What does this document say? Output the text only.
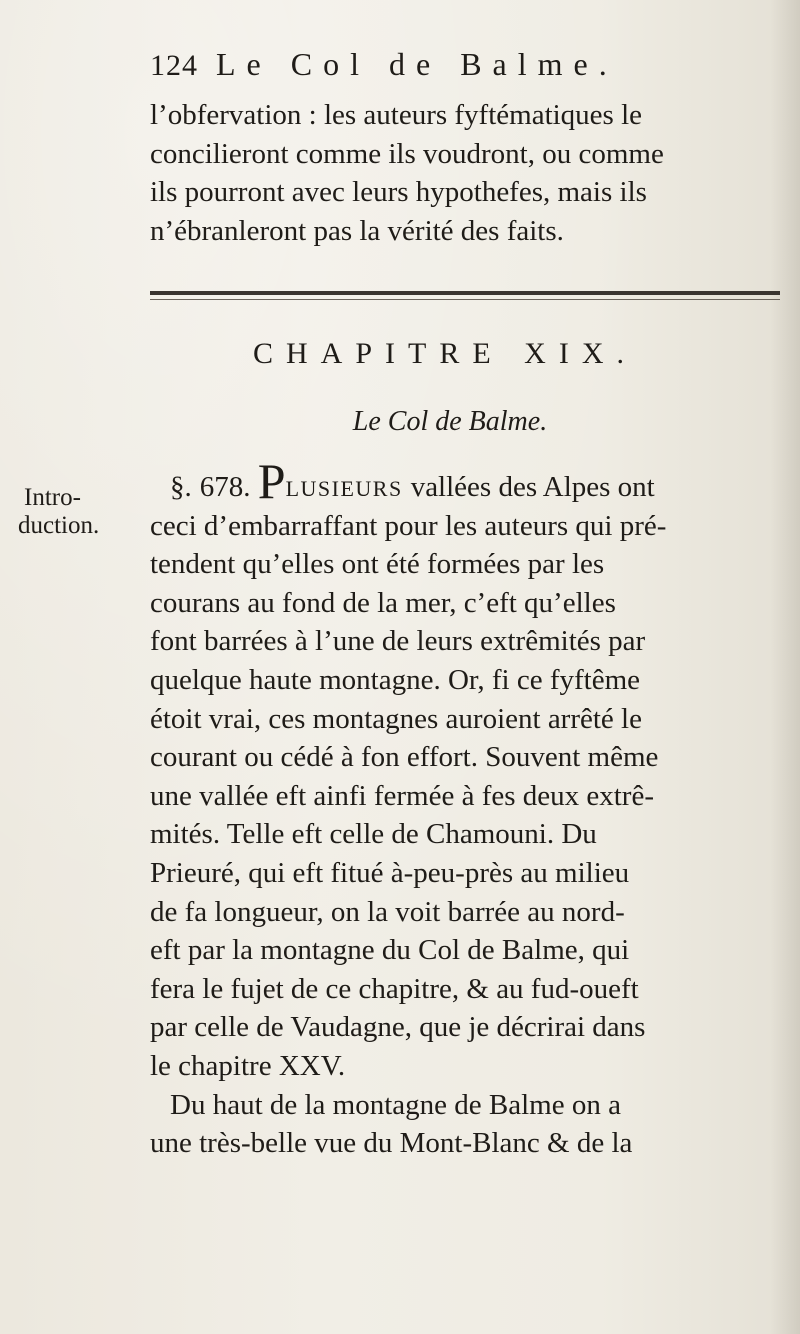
124 Le Col de Balme.
l’obfervation : les auteurs fyftématiques le
concilieront comme ils voudront, ou comme
ils pourront avec leurs hypothefes, mais ils
n’ébranleront pas la vérité des faits.
CHAPITRE XIX.
Le Col de Balme.
Intro-
duction.
§. 678. PLUSIEURS vallées des Alpes ont
ceci d’embarraffant pour les auteurs qui pré-
tendent qu’elles ont été formées par les
courans au fond de la mer, c’eft qu’elles
font barrées à l’une de leurs extrêmités par
quelque haute montagne. Or, fi ce fyftême
étoit vrai, ces montagnes auroient arrêté le
courant ou cédé à fon effort. Souvent même
une vallée eft ainfi fermée à fes deux extrê-
mités. Telle eft celle de Chamouni. Du
Prieuré, qui eft fitué à-peu-près au milieu
de fa longueur, on la voit barrée au nord-
eft par la montagne du Col de Balme, qui
fera le fujet de ce chapitre, & au fud-oueft
par celle de Vaudagne, que je décrirai dans
le chapitre XXV.
Du haut de la montagne de Balme on a
une très-belle vue du Mont-Blanc & de la
